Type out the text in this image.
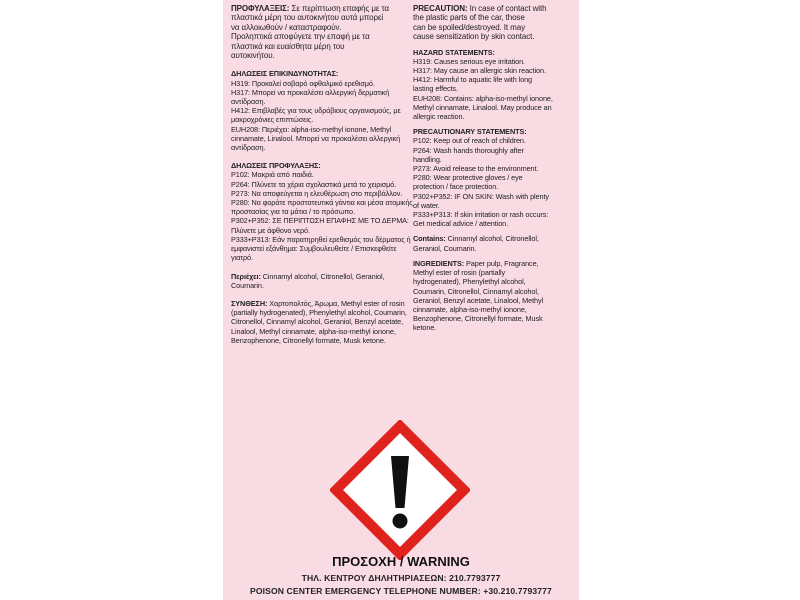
ΠΡΟΦΥΛΑΞΕΙΣ: Σε περίπτωση επαφής με τα
πλαστικά μέρη του αυτοκινήτου αυτά μπορεί
να αλλοιωθούν / καταστραφούν.
Προληπτικά αποφύγετε την επαφή με τα
πλαστικά και ευαίσθητα μέρη του
αυτοκινήτου.
ΔΗΛΩΣΕΙΣ ΕΠΙΚΙΝΔΥΝΟΤΗΤΑΣ:
H319: Προκαλεί σοβαρό οφθαλμικό ερεθισμό.
H317: Μπορεί να προκαλέσει αλλεργική δερματική
αντίδραση.
H412: Επιβλαβές για τους υδρόβιους οργανισμούς, με
μακροχρόνιες επιπτώσεις.
EUH208: Περιέχει: alpha-iso-methyl ionone, Methyl
cinnamate, Linalool. Μπορεί να προκαλέσει αλλεργική
αντίδραση.
ΔΗΛΩΣΕΙΣ ΠΡΟΦΥΛΑΞΗΣ:
P102: Μακριά από παιδιά.
P264: Πλύνετε τα χέρια σχολαστικά μετά το χειρισμό.
P273: Να αποφεύγεται η ελευθέρωση στο περιβάλλον.
P280: Να φοράτε προστατευτικά γάντια και μέσα ατομικής
προστασίας για τα μάτια / το πρόσωπο.
P302+P352: ΣΕ ΠΕΡΙΠΤΩΣΗ ΕΠΑΦΗΣ ΜΕ ΤΟ ΔΕΡΜΑ:
Πλύνετε με άφθονο νερό.
P333+P313: Εάν παρατηρηθεί ερεθισμός του δέρματος ή
εμφανιστεί εξάνθημα: Συμβουλευθείτε / Επισκεφθείτε
γιατρό.
Περιέχει: Cinnamyl alcohol, Citronellol, Geraniol,
Coumarin.
ΣΥΝΘΕΣΗ: Χαρτοπολτός, Άρωμα, Methyl ester of rosin
(partially hydrogenated), Phenylethyl alcohol, Coumarin,
Citronellol, Cinnamyl alcohol, Geraniol, Benzyl acetate,
Linalool, Methyl cinnamate, alpha-iso-methyl ionone,
Benzophenone, Citronellyl formate, Musk ketone.
PRECAUTION: In case of contact with
the plastic parts of the car, those
can be spoiled/destroyed. It may
cause sensitization by skin contact.
HAZARD STATEMENTS:
H319: Causes serious eye irritation.
H317: May cause an allergic skin reaction.
H412: Harmful to aquatic life with long
lasting effects.
EUH208: Contains: alpha-iso-methyl ionone,
Methyl cinnamate, Linalool. May produce an
allergic reaction.
PRECAUTIONARY STATEMENTS:
P102: Keep out of reach of children.
P264: Wash hands thoroughly after
handling.
P273: Avoid release to the environment.
P280: Wear protective gloves / eye
protection / face protection.
P302+P352: IF ON SKIN: Wash with plenty
of water.
P333+P313: If skin irritation or rash occurs:
Get medical advice / attention.
Contains: Cinnamyl alcohol, Citronellol,
Geraniol, Coumarin.
INGREDIENTS: Paper pulp, Fragrance,
Methyl ester of rosin (partially
hydrogenated), Phenylethyl alcohol,
Coumarin, Citronellol, Cinnamyl alcohol,
Geraniol, Benzyl acetate, Linalool, Methyl
cinnamate, alpha-iso-methyl ionone,
Benzophenone, Citronellyl formate, Musk
ketone.
ΠΡΟΣΟΧΗ / WARNING
ΤΗΛ. ΚΕΝΤΡΟΥ ΔΗΛΗΤΗΡΙΑΣΕΩΝ: 210.7793777
POISON CENTER EMERGENCY TELEPHONE NUMBER: +30.210.7793777
